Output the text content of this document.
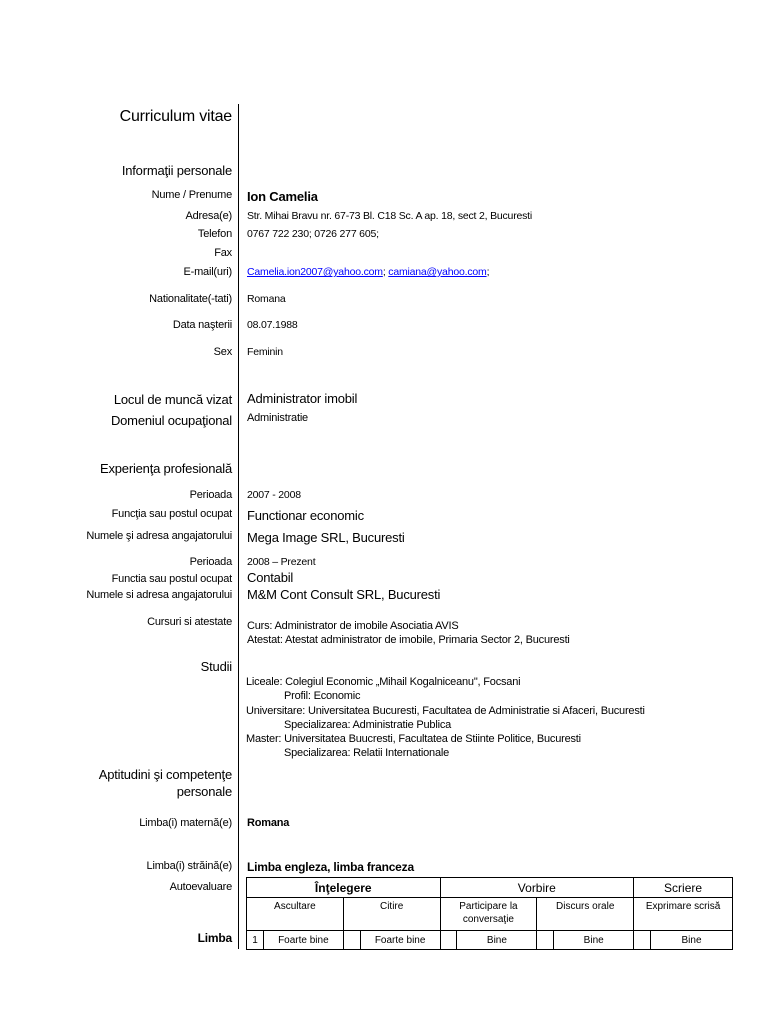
Curriculum vitae
Informaţii personale
Nume / Prenume Ion Camelia
Adresa(e) Str. Mihai Bravu nr. 67-73 Bl. C18 Sc. A ap. 18, sect 2, Bucuresti
Telefon 0767 722 230; 0726 277 605;
Fax
E-mail(uri) Camelia.ion2007@yahoo.com; camiana@yahoo.com;
Nationalitate(-tati) Romana
Data naşterii 08.07.1988
Sex Feminin
Locul de muncă vizat Administrator imobil
Domeniul ocupaţional Administratie
Experienţa profesională
Perioada 2007 - 2008
Funcţia sau postul ocupat Functionar economic
Numele şi adresa angajatorului Mega Image SRL, Bucuresti
Perioada 2008 – Prezent
Functia sau postul ocupat Contabil
Numele si adresa angajatorului M&M Cont Consult SRL, Bucuresti
Cursuri si atestate Curs: Administrator de imobile Asociatia AVIS
Atestat: Atestat administrator de imobile, Primaria Sector 2, Bucuresti
Studii
Liceale: Colegiul Economic „Mihail Kogalniceanu", Focsani
Profil: Economic
Universitare: Universitatea Bucuresti, Facultatea de Administratie si Afaceri, Bucuresti
Specializarea: Administratie Publica
Master: Universitatea Buucresti, Facultatea de Stiinte Politice, Bucuresti
Specializarea: Relatii Internationale
Aptitudini şi competenţe
personale
Limba(i) maternă(e) Romana
Limba(i) străină(e) Limba engleza, limba franceza
Autoevaluare
Limba
Înţelegere				Vorbire				Scriere	
Ascultare		Citire		Participare la conversaţie		Discurs orale		Exprimare scrisă	
1	Foarte bine		Foarte bine		Bine		Bine		Bine
